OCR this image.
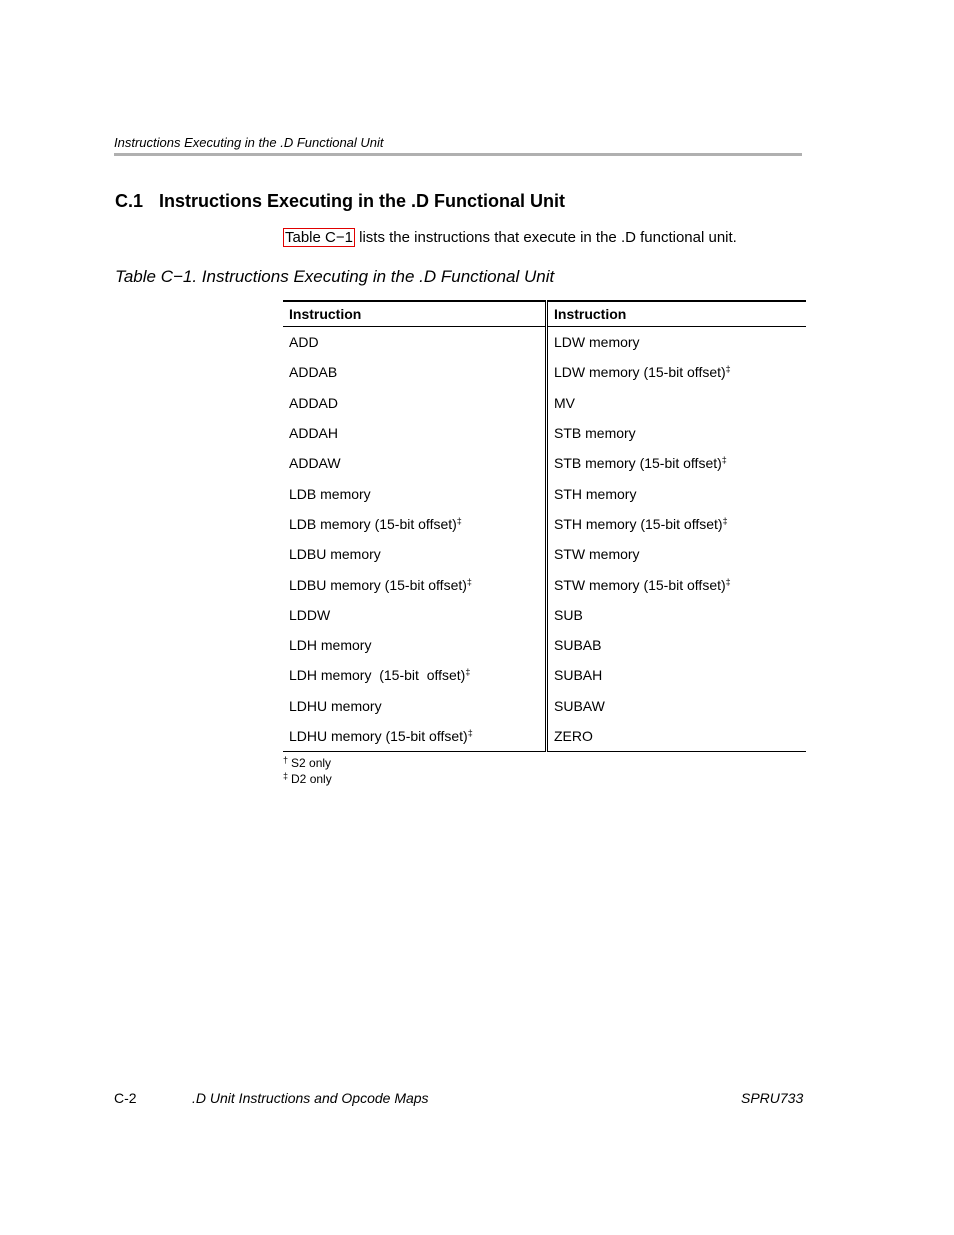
Instructions Executing in the .D Functional Unit
C.1 Instructions Executing in the .D Functional Unit

Table C−1 lists the instructions that execute in the .D functional unit.

Table C−1. Instructions Executing in the .D Functional Unit
Instruction	Instruction
ADD	LDW memory
ADDAB	LDW memory (15-bit offset)‡
ADDAD	MV
ADDAH	STB memory
ADDAW	STB memory (15-bit offset)‡
LDB memory	STH memory
LDB memory (15-bit offset)‡	STH memory (15-bit offset)‡
LDBU memory	STW memory
LDBU memory (15-bit offset)‡	STW memory (15-bit offset)‡
LDDW	SUB
LDH memory	SUBAB
LDH memory  (15-bit  offset)‡	SUBAH
LDHU memory	SUBAW
LDHU memory (15-bit offset)‡	ZERO
† S2 only
‡ D2 only
C-2	.D Unit Instructions and Opcode Maps	SPRU733
